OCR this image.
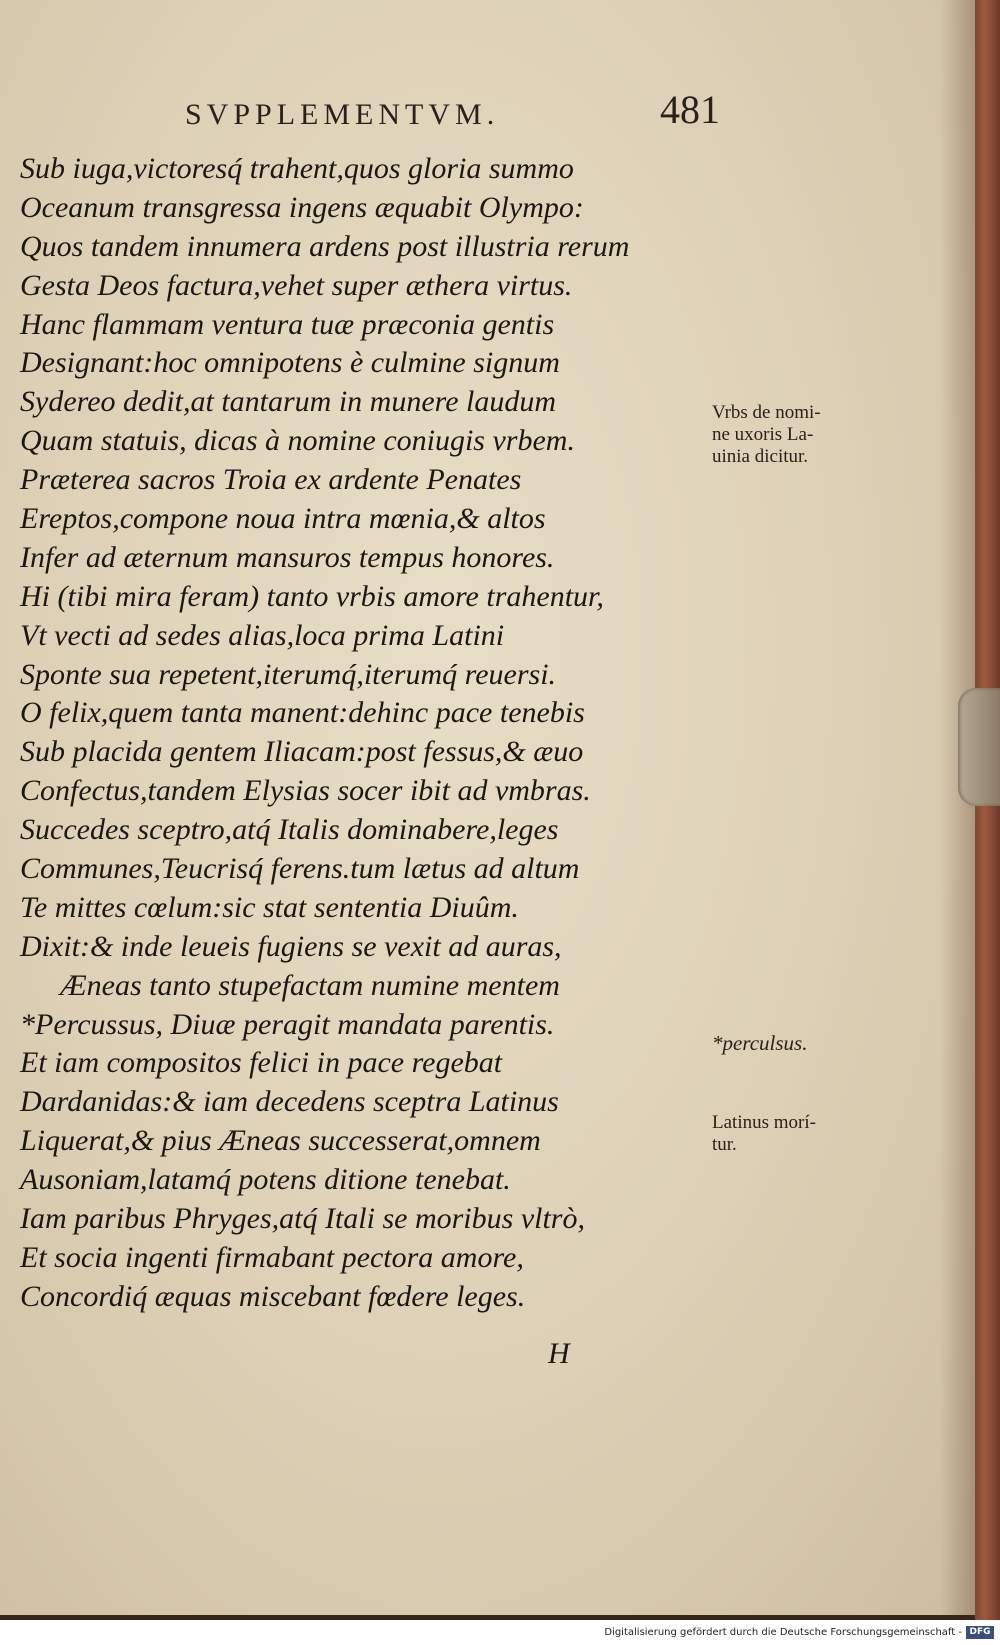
SVPPLEMENTVM.	481
Sub iuga,victoresq́ trahent,quos gloria summo
Oceanum transgressa ingens æquabit Olympo:
Quos tandem innumera ardens post illustria rerum
Gesta Deos factura,vehet super æthera virtus.
Hanc flammam ventura tuæ præconia gentis
Designant:hoc omnipotens è culmine signum
Sydereo dedit,at tantarum in munere laudum
Quam statuis, dicas à nomine coniugis vrbem.
Præterea sacros Troia ex ardente Penates
Ereptos,compone noua intra mœnia,& altos
Infer ad æternum mansuros tempus honores.
Hi (tibi mira feram) tanto vrbis amore trahentur,
Vt vecti ad sedes alias,loca prima Latini
Sponte sua repetent,iterumq́,iterumq́ reuersi.
O felix,quem tanta manent:dehinc pace tenebis
Sub placida gentem Iliacam:post fessus,& æuo
Confectus,tandem Elysias socer ibit ad vmbras.
Succedes sceptro,atq́ Italis dominabere,leges
Communes,Teucrisq́ ferens.tum lætus ad altum
Te mittes cœlum:sic stat sententia Diuûm.
Dixit:& inde leueis fugiens se vexit ad auras,
Æneas tanto stupefactam numine mentem
*Percussus, Diuæ peragit mandata parentis.
Et iam compositos felici in pace regebat
Dardanidas:& iam decedens sceptra Latinus
Liquerat,& pius Æneas successerat,omnem
Ausoniam,latamq́ potens ditione tenebat.
Iam paribus Phryges,atq́ Itali se moribus vltrò,
Et socia ingenti firmabant pectora amore,
Concordiq́ æquas miscebant fœdere leges.
Vrbs de nomi-
ne uxoris La-
uinia dicitur.
*perculsus.
Latinus morí-
tur.
H
Digitalisierung gefördert durch die Deutsche Forschungsgemeinschaft - DFG
